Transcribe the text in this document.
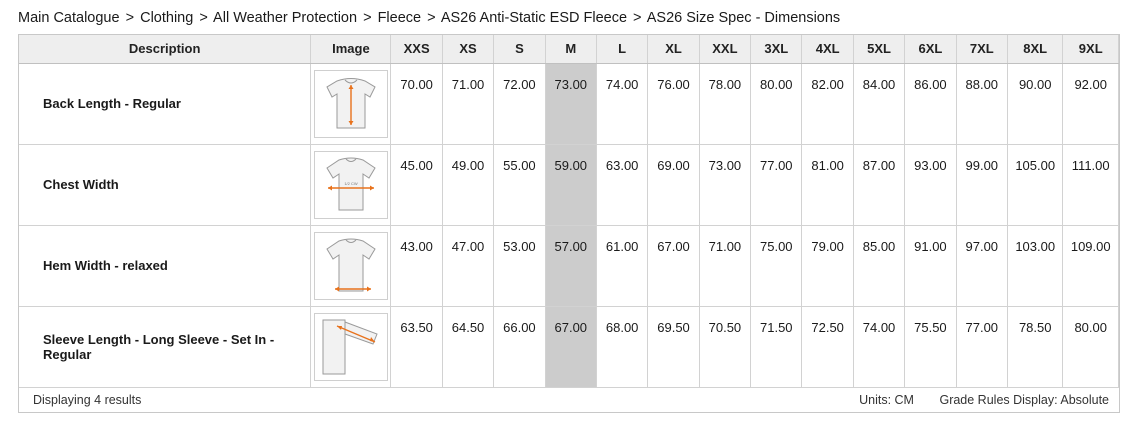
Main Catalogue > Clothing > All Weather Protection > Fleece > AS26 Anti-Static ESD Fleece > AS26 Size Spec - Dimensions
Description	Image	XXS	XS	S	M	L	XL	XXL	3XL	4XL	5XL	6XL	7XL	8XL	9XL
Back Length - Regular		70.00	71.00	72.00	73.00	74.00	76.00	78.00	80.00	82.00	84.00	86.00	88.00	90.00	92.00
Chest Width	1/2 CW	45.00	49.00	55.00	59.00	63.00	69.00	73.00	77.00	81.00	87.00	93.00	99.00	105.00	111.00
Hem Width - relaxed		43.00	47.00	53.00	57.00	61.00	67.00	71.00	75.00	79.00	85.00	91.00	97.00	103.00	109.00
Sleeve Length - Long Sleeve - Set In - Regular		63.50	64.50	66.00	67.00	68.00	69.50	70.50	71.50	72.50	74.00	75.50	77.00	78.50	80.00
Displaying 4 results	Units: CM Grade Rules Display: Absolute
